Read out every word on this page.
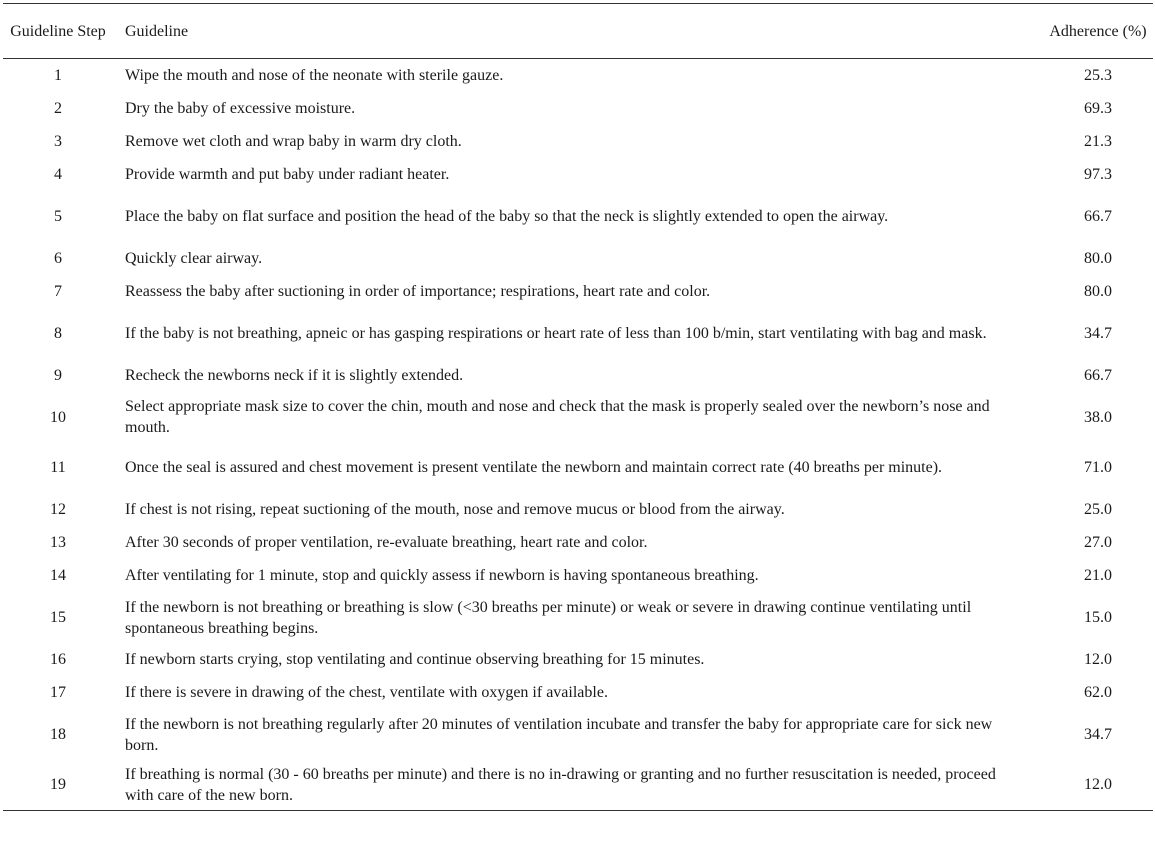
Guideline Step	Guideline	Adherence (%)
1	Wipe the mouth and nose of the neonate with sterile gauze.	25.3
2	Dry the baby of excessive moisture.	69.3
3	Remove wet cloth and wrap baby in warm dry cloth.	21.3
4	Provide warmth and put baby under radiant heater.	97.3
5	Place the baby on flat surface and position the head of the baby so that the neck is slightly extended to open the airway.	66.7
6	Quickly clear airway.	80.0
7	Reassess the baby after suctioning in order of importance; respirations, heart rate and color.	80.0
8	If the baby is not breathing, apneic or has gasping respirations or heart rate of less than 100 b/min, start ventilating with bag and mask.	34.7
9	Recheck the newborns neck if it is slightly extended.	66.7
10	Select appropriate mask size to cover the chin, mouth and nose and check that the mask is properly sealed over the newborn’s nose and mouth.	38.0
11	Once the seal is assured and chest movement is present ventilate the newborn and maintain correct rate (40 breaths per minute).	71.0
12	If chest is not rising, repeat suctioning of the mouth, nose and remove mucus or blood from the airway.	25.0
13	After 30 seconds of proper ventilation, re-evaluate breathing, heart rate and color.	27.0
14	After ventilating for 1 minute, stop and quickly assess if newborn is having spontaneous breathing.	21.0
15	If the newborn is not breathing or breathing is slow (<30 breaths per minute) or weak or severe in drawing continue ventilating until spontaneous breathing begins.	15.0
16	If newborn starts crying, stop ventilating and continue observing breathing for 15 minutes.	12.0
17	If there is severe in drawing of the chest, ventilate with oxygen if available.	62.0
18	If the newborn is not breathing regularly after 20 minutes of ventilation incubate and transfer the baby for appropriate care for sick new born.	34.7
19	If breathing is normal (30 - 60 breaths per minute) and there is no in-drawing or granting and no further resuscitation is needed, proceed with care of the new born.	12.0
